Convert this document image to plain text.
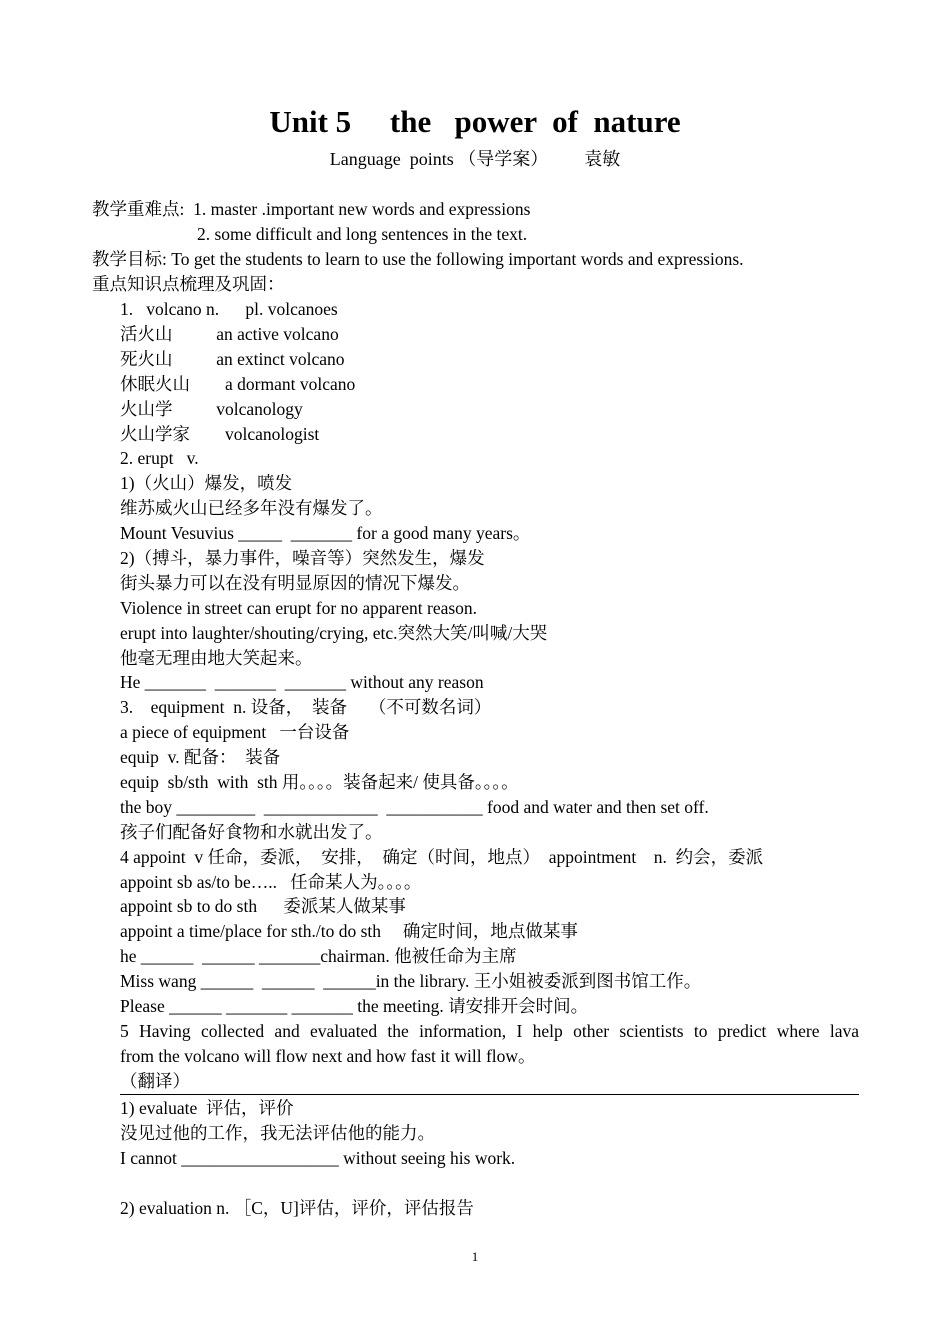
Unit 5     the   power  of  nature
Language  points （导学案）        袁敏
教学重难点:  1. master .important new words and expressions
2. some difficult and long sentences in the text.
教学目标: To get the students to learn to use the following important words and expressions.
重点知识点梳理及巩固：
1.   volcano n.      pl. volcanoes
活火山          an active volcano
死火山          an extinct volcano
休眠火山        a dormant volcano
火山学          volcanology
火山学家        volcanologist
2. erupt   v.
1)（火山）爆发，喷发
维苏威火山已经多年没有爆发了。
Mount Vesuvius _____  _______ for a good many years。
2)（搏斗，暴力事件，噪音等）突然发生，爆发
街头暴力可以在没有明显原因的情况下爆发。
Violence in street can erupt for no apparent reason.
erupt into laughter/shouting/crying, etc.突然大笑/叫喊/大哭
他毫无理由地大笑起来。
He _______  _______  _______ without any reason
3.    equipment  n. 设备，  装备     （不可数名词）
a piece of equipment   一台设备
equip  v. 配备：  装备
equip  sb/sth  with  sth 用。。。。装备起来/ 使具备。。。。
the boy _________  _____________  ___________ food and water and then set off.
孩子们配备好食物和水就出发了。
4 appoint  v 任命，委派，  安排，  确定（时间，地点）  appointment    n.  约会，委派
appoint sb as/to be…..   任命某人为。。。。
appoint sb to do sth      委派某人做某事
appoint a time/place for sth./to do sth     确定时间，地点做某事
he ______  ______ _______chairman. 他被任命为主席
Miss wang ______  ______  ______in the library. 王小姐被委派到图书馆工作。
Please ______ _______ _______ the meeting. 请安排开会时间。
5 Having collected and evaluated the information, I help other scientists to predict where lava
from the volcano will flow next and how fast it will flow。
（翻译）
1) evaluate  评估，评价
没见过他的工作，我无法评估他的能力。
I cannot __________________ without seeing his work.
2) evaluation n. ［C，U]评估，评价，评估报告
1
